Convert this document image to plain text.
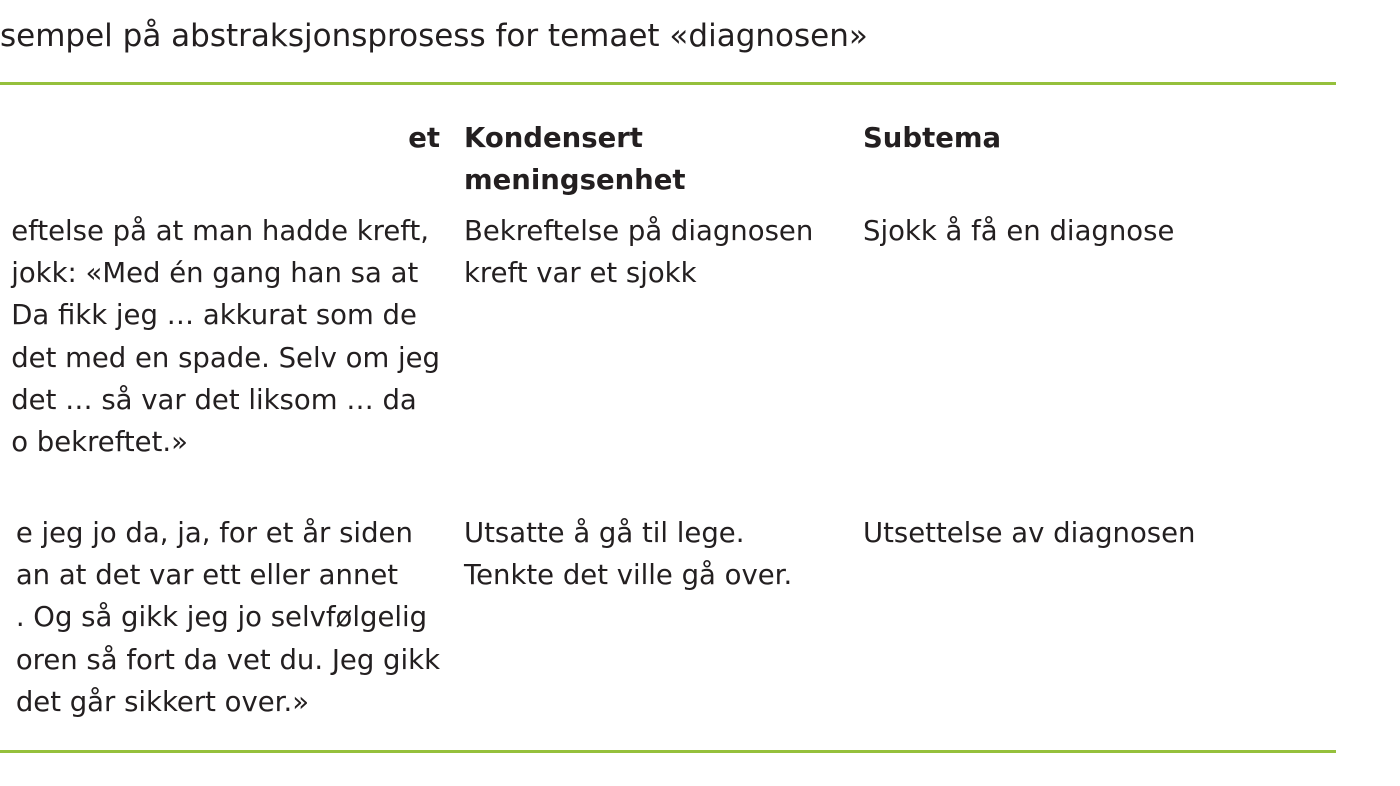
sempel på abstraksjonsprosess for temaet «diagnosen»
et
eftelse på at man hadde kreft,
jokk: «Med én gang han sa at
Da fikk jeg … akkurat som de
det med en spade. Selv om jeg
det … så var det liksom … da
o bekreftet.»
e jeg jo da, ja, for et år siden
an at det var ett eller annet
. Og så gikk jeg jo selvfølgelig
oren så fort da vet du. Jeg gikk
det går sikkert over.»
Kondensert
meningsenhet
Bekreftelse på diagnosen
kreft var et sjokk
Utsatte å gå til lege.
Tenkte det ville gå over.
Subtema
Sjokk å få en diagnose
Utsettelse av diagnosen
